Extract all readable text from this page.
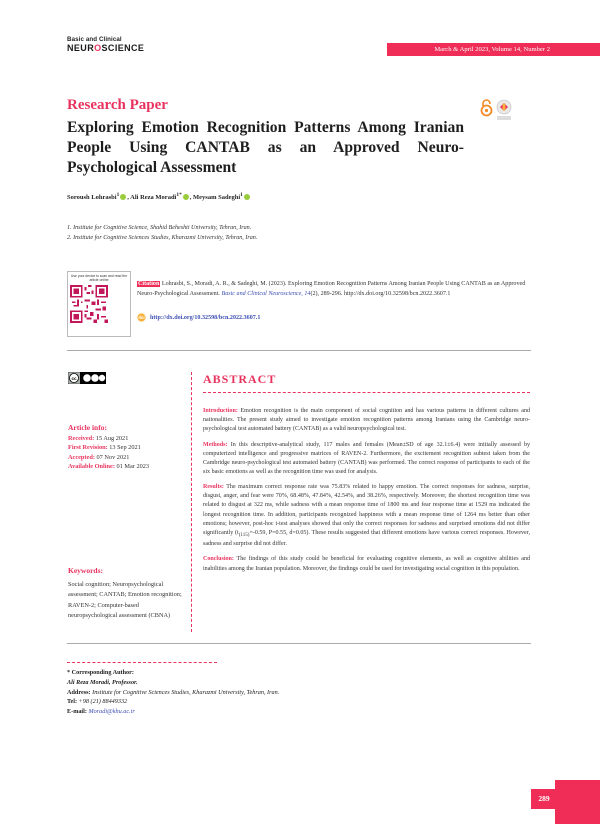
Basic and Clinical
NEUROSCIENCE	March & April 2023, Volume 14, Number 2
Research Paper
Exploring Emotion Recognition Patterns Among Iranian People Using CANTAB as an Approved Neuro-Psychological Assessment
Soroush Lohrasbi$^1$ , Ali Reza Moradi$^{1*}$ , Meysam Sadeghi$^1$
1. Institute for Cognitive Science, Shahid Beheshti University, Tehran, Iran.
2. Institute for Cognitive Sciences Studies, Kharazmi University, Tehran, Iran.
Use your device to scan and read the article online
Citation Lohrasbi, S., Moradi, A. R., & Sadeghi, M. (2023). Exploring Emotion Recognition Patterns Among Iranian People Using CANTAB as an Approved Neuro-Psychological Assessment. Basic and Clinical Neuroscience, 14(2), 289-296. http://dx.doi.org/10.32598/bcn.2022.3607.1
doi http://dx.doi.org/10.32598/bcn.2022.3607.1
cc	ABSTRACT
Article info:
Received: 15 Aug 2021
First Revision: 13 Sep 2021
Accepted: 07 Nov 2021
Available Online: 01 Mar 2023
Keywords:
Social cognition; Neuropsychological assessment; CANTAB; Emotion recognition; RAVEN-2; Computer-based neuropsychological assessment (CBNA)

Introduction: Emotion recognition is the main component of social cognition and has various patterns in different cultures and nationalities. The present study aimed to investigate emotion recognition patterns among Iranians using the Cambridge neuro-psychological test automated battery (CANTAB) as a valid neuropsychological test.

Methods: In this descriptive-analytical study, 117 males and females (Mean±SD of age 32.1±6.4) were initially assessed by computerized intelligence and progressive matrices of RAVEN-2. Furthermore, the excitement recognition subtest taken from the Cambridge neuro-psychological test automated battery (CANTAB) was performed. The correct response of participants to each of the six basic emotions as well as the recognition time was used for analysis.

Results: The maximum correct response rate was 75.83% related to happy emotion. The correct responses for sadness, surprise, disgust, anger, and fear were 70%, 68.48%, 47.84%, 42.54%, and 38.26%, respectively. Moreover, the shortest recognition time was related to disgust at 322 ms, while sadness with a mean response time of 1800 ms and fear response time at 1529 ms indicated the longest recognition time. In addition, participants recognized happiness with a mean response time of 1264 ms better than other emotions; however, post-hoc t-test analyses showed that only the correct responses for sadness and surprised emotions did not differ significantly ($t_{(115)}=-0.59$, P=0.55, d=0.05). These results suggested that different emotions have various correct responses. However, sadness and surprise did not differ.

Conclusion: The findings of this study could be beneficial for evaluating cognitive elements, as well as cognitive abilities and inabilities among the Iranian population. Moreover, the findings could be used for investigating social cognition in this population.

* Corresponding Author:
Ali Reza Moradi, Professor.
Address: Institute for Cognitive Sciences Studies, Kharazmi University, Tehran, Iran.
Tel: +98 (21) 88449332
E-mail: Moradi@khu.ac.ir
289
